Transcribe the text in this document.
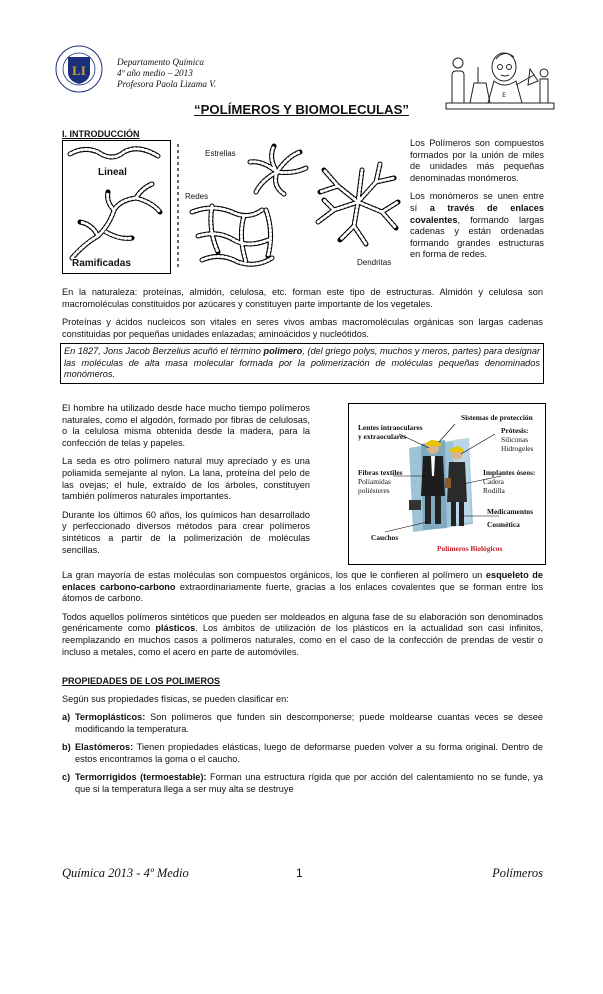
LI
Departamento Química
4º año medio – 2013
Profesora Paola Lizama V.
E
“POLÍMEROS Y BIOMOLECULAS”
I. INTRODUCCIÓN
Lineal
Ramificadas
Estrellas
Redes
Dendritas

Los Polímeros son compuestos formados por la unión de miles de unidades más pequeñas denominadas monómeros.

Los monómeros se unen entre sí a través de enlaces covalentes, formando largas cadenas y están ordenadas formando grandes estructuras en forma de redes.

En la naturaleza: proteínas, almidón, celulosa, etc. forman este tipo de estructuras. Almidón y celulosa son macromoléculas constituidos por azúcares y constituyen parte importante de los vegetales.

Proteínas y ácidos nucleicos son vitales en seres vivos ambas macromoléculas orgánicas son largas cadenas constituidas por pequeñas unidades enlazadas; aminoácidos y nucleótidos.

En 1827, Jons Jacob Berzelius acuñó el término polímero, (del griego polys, muchos y meros, partes) para designar las moléculas de alta masa molecular formada por la polimerización de moléculas pequeñas denominados monómeros.

El hombre ha utilizado desde hace mucho tiempo polímeros naturales, como el algodón, formado por fibras de celulosas, o la celulosa misma obtenida desde la madera, para la confección de telas y papeles.

La seda es otro polímero natural muy apreciado y es una poliamida semejante al nylon. La lana, proteína del pelo de las ovejas; el hule, extraído de los árboles, constituyen también polímeros naturales importantes.

Durante los últimos 60 años, los químicos han desarrollado y perfeccionado diversos métodos para crear polímeros sintéticos a partir de la polimerización de moléculas sencillas.

Sistemas de protección
Lentes intraoculares y extraoculares
Prótesis:
Siliconas Hidrogeles
Fibras textiles
Poliamidas poliésteres
Implantes óseos:
Cadera Rodilla
Medicamentos
Cosmética
Cauchos
Polímeros Biológicos

La gran mayoría de estas moléculas son compuestos orgánicos, los que le confieren al polímero un esqueleto de enlaces carbono-carbono extraordinariamente fuerte, gracias a los enlaces covalentes que se forman entre los átomos de carbono.

Todos aquellos polímeros sintéticos que pueden ser moldeados en alguna fase de su elaboración son denominados genéricamente como plásticos. Los ámbitos de utilización de los plásticos en la actualidad son casi infinitos, reemplazando en muchos casos a polímeros naturales, como en el caso de la confección de prendas de vestir o incluso a metales, como el acero en parte de automóviles.

PROPIEDADES DE LOS POLIMEROS
Según sus propiedades físicas, se pueden clasificar en:
a) Termoplásticos: Son polímeros que funden sin descomponerse; puede moldearse cuantas veces se desee modificando la temperatura.

b) Elastómeros: Tienen propiedades elásticas, luego de deformarse pueden volver a su forma original. Dentro de estos encontramos la goma o el caucho.

c) Termorrigidos (termoestable): Forman una estructura rígida que por acción del calentamiento no se funde, ya que si la temperatura llega a ser muy alta se destruye

Química 2013 - 4º Medio	1	Polímeros
